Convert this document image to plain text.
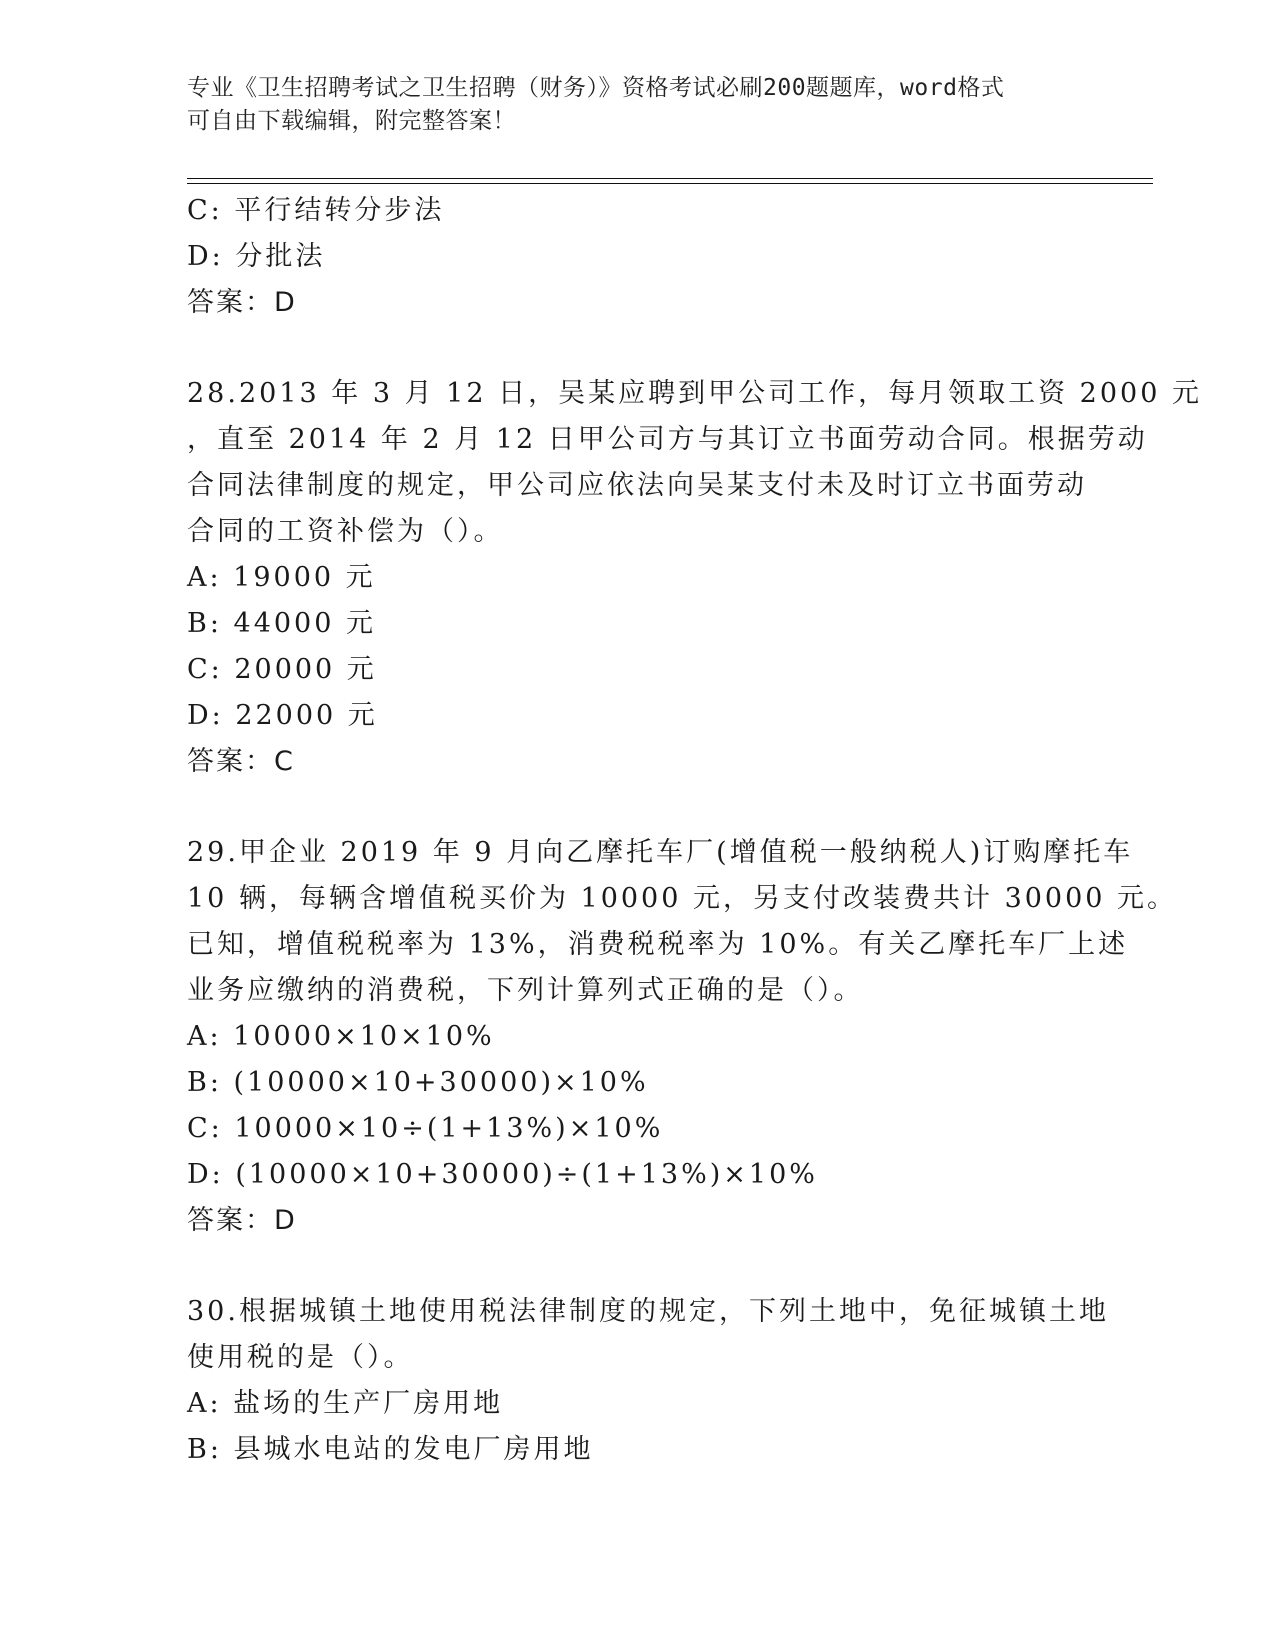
专业《卫生招聘考试之卫生招聘（财务）》资格考试必刷200题题库，word格式
可自由下载编辑，附完整答案！
C: 平行结转分步法
D: 分批法
答案：D
28.2013 年 3 月 12 日，吴某应聘到甲公司工作，每月领取工资 2000 元
，直至 2014 年 2 月 12 日甲公司方与其订立书面劳动合同。根据劳动
合同法律制度的规定，甲公司应依法向吴某支付未及时订立书面劳动
合同的工资补偿为（）。
A: 19000 元
B: 44000 元
C: 20000 元
D: 22000 元
答案：C
29.甲企业 2019 年 9 月向乙摩托车厂(增值税一般纳税人)订购摩托车
10 辆，每辆含增值税买价为 10000 元，另支付改装费共计 30000 元。
已知，增值税税率为 13%，消费税税率为 10%。有关乙摩托车厂上述
业务应缴纳的消费税，下列计算列式正确的是（）。
A: 10000×10×10%
B: (10000×10+30000)×10%
C: 10000×10÷(1+13%)×10%
D: (10000×10+30000)÷(1+13%)×10%
答案：D
30.根据城镇土地使用税法律制度的规定，下列土地中，免征城镇土地
使用税的是（）。
A: 盐场的生产厂房用地
B: 县城水电站的发电厂房用地
